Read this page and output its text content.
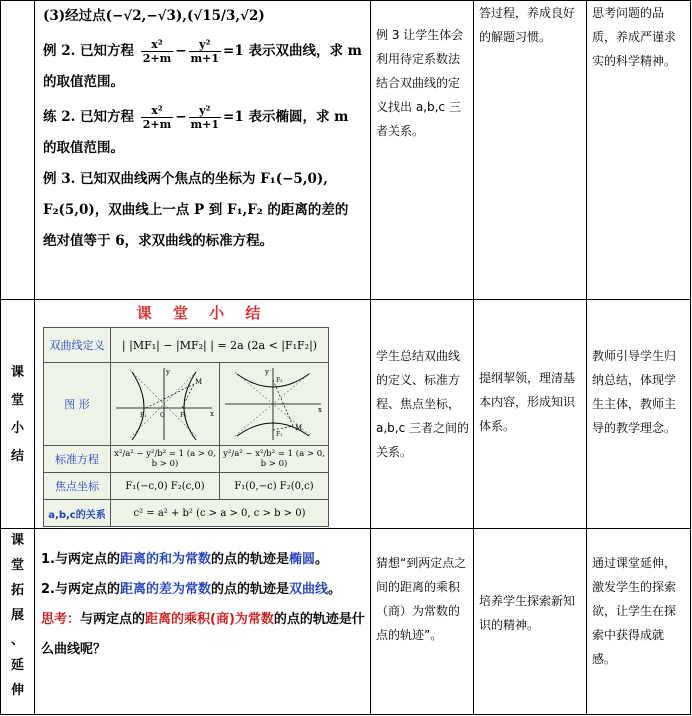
(3)经过点(−√2,−√3),(√15/3,√2)
例 2. 已知方程 $\frac{\text{x²}}{2+m} - \frac{\text{y²}}{m+1} =1$ 表示双曲线，求 m
的取值范围。
练 2. 已知方程 $\frac{\text{x²}}{2+m} - \frac{\text{y²}}{m+1} =1$ 表示椭圆，求 m
的取值范围。
例 3. 已知双曲线两个焦点的坐标为 F₁(−5,0),
F₂(5,0)，双曲线上一点 P 到 F₁,F₂ 的距离的差的
绝对值等于 6，求双曲线的标准方程。

例 3 让学生体会利用待定系数法结合双曲线的定义找出 a,b,c 三者关系。

答过程，养成良好的解题习惯。

思考问题的品质，养成严谨求实的科学精神。

课
堂
小
结

课 堂 小 结
双曲线定义	| |MF₁| − |MF₂| | = 2a (2a < |F₁F₂|)
图 形	
M
F₁	F₂
O	x
y

M
F₂
F₁
x
y

标准方程	x²/a² − y²/b² = 1 (a > 0, b > 0)	y²/a² − x²/b² = 1 (a > 0, b > 0)
焦点坐标	F₁(−c,0) F₂(c,0)	F₁(0,−c) F₂(0,c)
a,b,c的关系	c² = a² + b² (c > a > 0, c > b > 0)

学生总结双曲线的定义、标准方程、焦点坐标，a,b,c 三者之间的关系。

提纲挈领，理清基本内容，形成知识体系。

教师引导学生归纳总结，体现学生主体，教师主导的教学理念。

课
堂
拓
展
、
延
伸

1.与两定点的距离的和为常数的点的轨迹是椭圆。
2.与两定点的距离的差为常数的点的轨迹是双曲线。
思考：与两定点的距离的乘积(商)为常数的点的轨迹是什么曲线呢？

猜想“到两定点之间的距离的乘积（商）为常数的点的轨迹”。

培养学生探索新知识的精神。

通过课堂延伸，激发学生的探索欲，让学生在探索中获得成就感。
